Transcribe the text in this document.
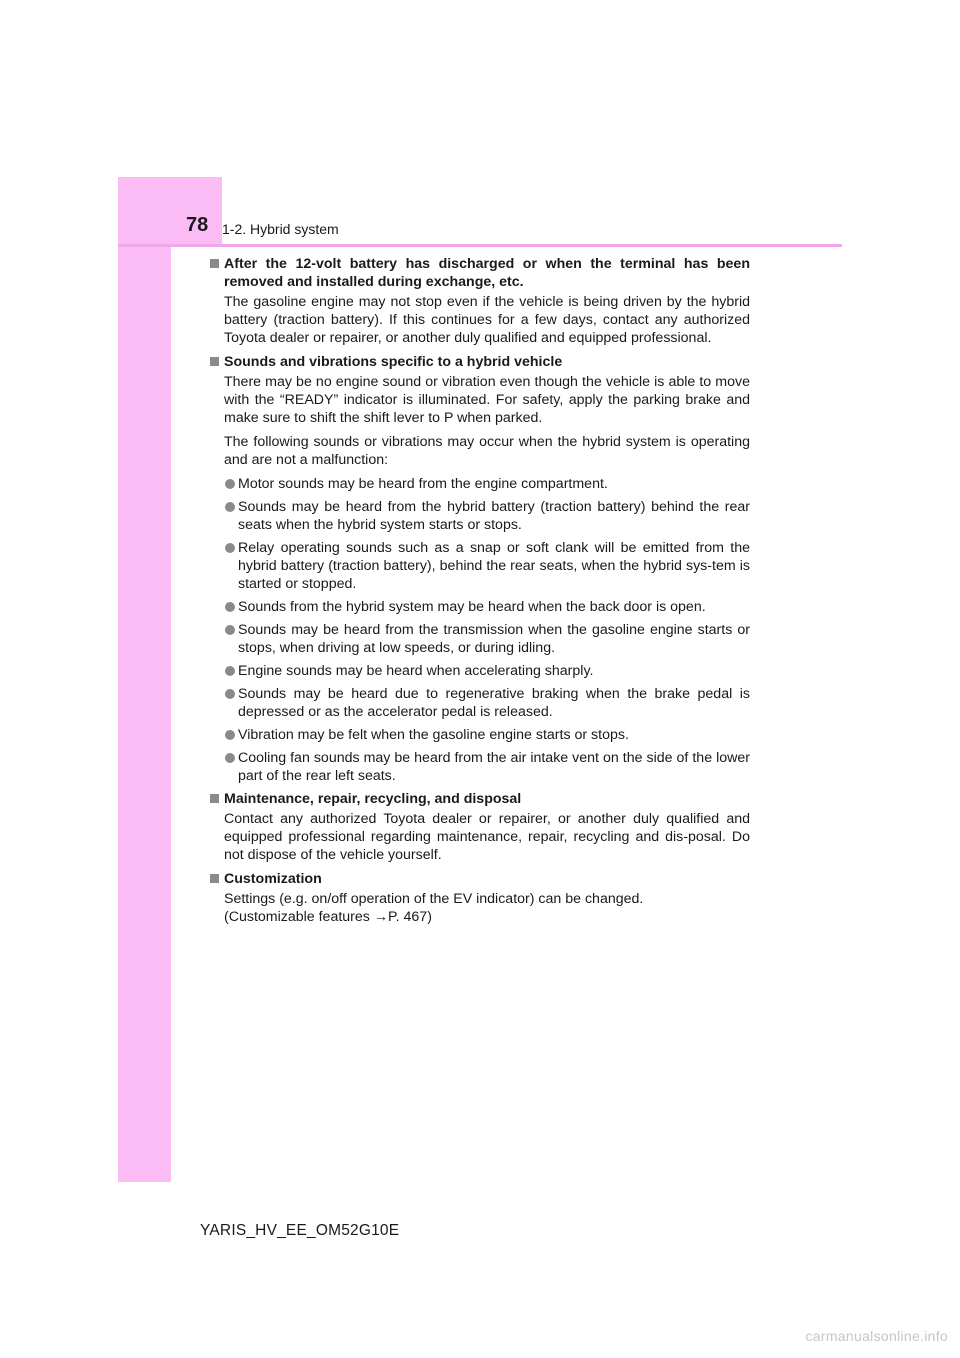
78 1-2. Hybrid system
After the 12-volt battery has discharged or when the terminal has been removed and installed during exchange, etc.

The gasoline engine may not stop even if the vehicle is being driven by the hybrid battery (traction battery). If this continues for a few days, contact any authorized Toyota dealer or repairer, or another duly qualified and equipped professional.

Sounds and vibrations specific to a hybrid vehicle

There may be no engine sound or vibration even though the vehicle is able to move with the “READY” indicator is illuminated. For safety, apply the parking brake and make sure to shift the shift lever to P when parked.

The following sounds or vibrations may occur when the hybrid system is operating and are not a malfunction:

Motor sounds may be heard from the engine compartment.
Sounds may be heard from the hybrid battery (traction battery) behind the rear seats when the hybrid system starts or stops.
Relay operating sounds such as a snap or soft clank will be emitted from the hybrid battery (traction battery), behind the rear seats, when the hybrid sys-tem is started or stopped.
Sounds from the hybrid system may be heard when the back door is open.
Sounds may be heard from the transmission when the gasoline engine starts or stops, when driving at low speeds, or during idling.
Engine sounds may be heard when accelerating sharply.
Sounds may be heard due to regenerative braking when the brake pedal is depressed or as the accelerator pedal is released.
Vibration may be felt when the gasoline engine starts or stops.
Cooling fan sounds may be heard from the air intake vent on the side of the lower part of the rear left seats.
Maintenance, repair, recycling, and disposal

Contact any authorized Toyota dealer or repairer, or another duly qualified and equipped professional regarding maintenance, repair, recycling and dis-posal. Do not dispose of the vehicle yourself.

Customization

Settings (e.g. on/off operation of the EV indicator) can be changed.

(Customizable features →P. 467)

YARIS_HV_EE_OM52G10E
carmanualsonline.info
